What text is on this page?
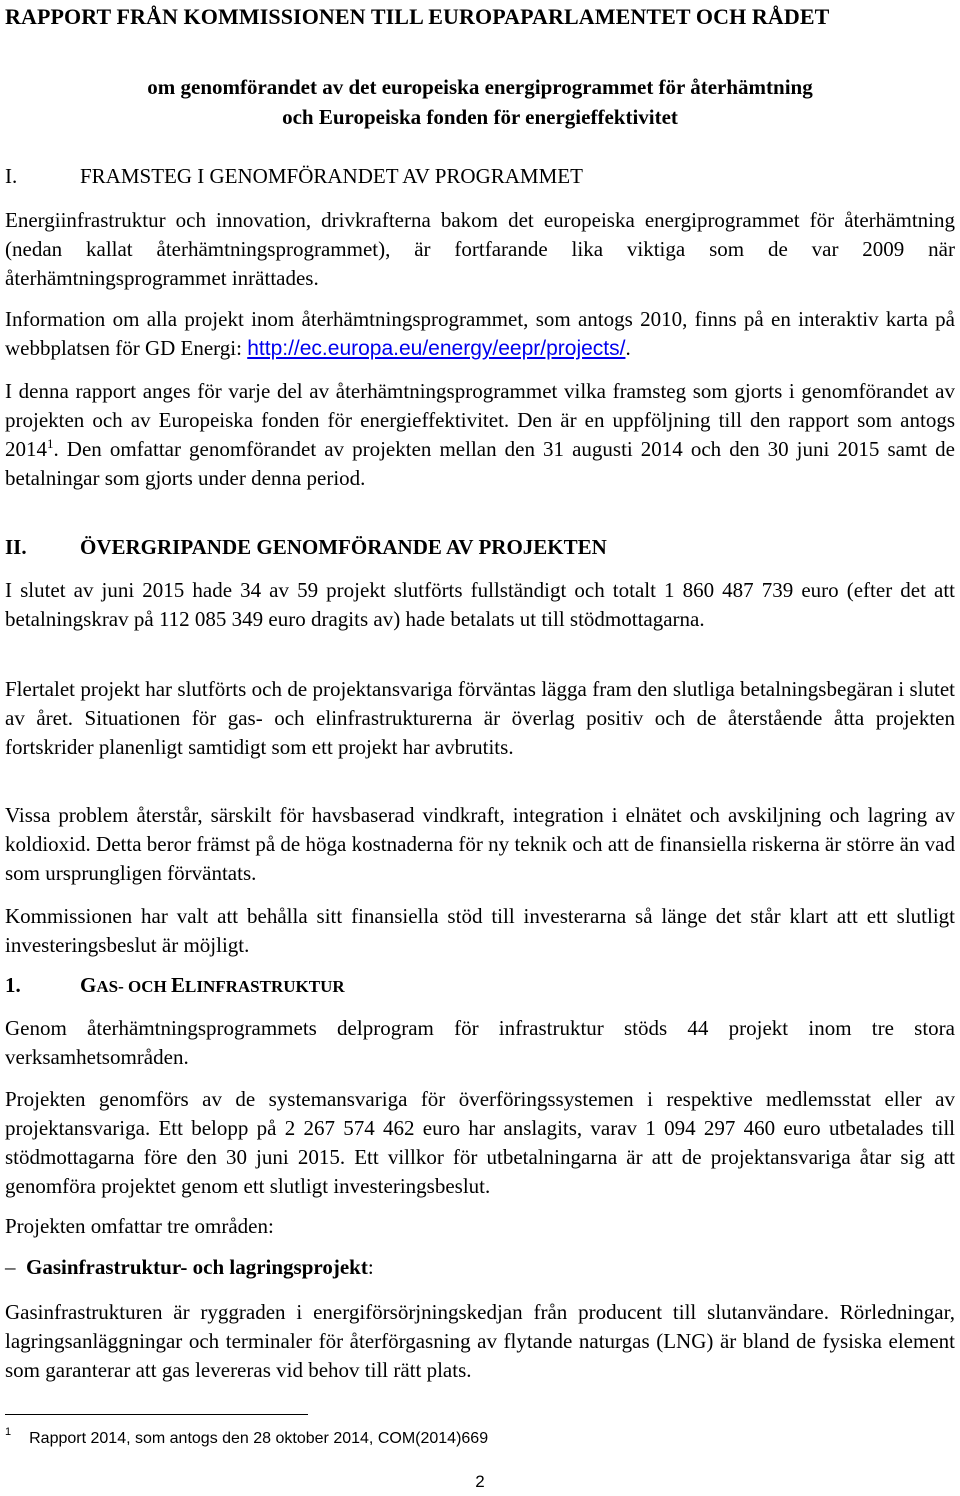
RAPPORT FRÅN KOMMISSIONEN TILL EUROPAPARLAMENTET OCH RÅDET
om genomförandet av det europeiska energiprogrammet för återhämtning
och Europeiska fonden för energieffektivitet
I.	FRAMSTEG I GENOMFÖRANDET AV PROGRAMMET

Energiinfrastruktur och innovation, drivkrafterna bakom det europeiska energiprogrammet för återhämtning (nedan kallat återhämtningsprogrammet), är fortfarande lika viktiga som de var 2009 när återhämtningsprogrammet inrättades.

Information om alla projekt inom återhämtningsprogrammet, som antogs 2010, finns på en interaktiv karta på webbplatsen för GD Energi: http://ec.europa.eu/energy/eepr/projects/.

I denna rapport anges för varje del av återhämtningsprogrammet vilka framsteg som gjorts i genomförandet av projekten och av Europeiska fonden för energieffektivitet. Den är en uppföljning till den rapport som antogs 2014$^1$. Den omfattar genomförandet av projekten mellan den 31 augusti 2014 och den 30 juni 2015 samt de betalningar som gjorts under denna period.

II.	ÖVERGRIPANDE GENOMFÖRANDE AV PROJEKTEN

I slutet av juni 2015 hade 34 av 59 projekt slutförts fullständigt och totalt 1 860 487 739 euro (efter det att betalningskrav på 112 085 349 euro dragits av) hade betalats ut till stödmottagarna.

Flertalet projekt har slutförts och de projektansvariga förväntas lägga fram den slutliga betalningsbegäran i slutet av året. Situationen för gas- och elinfrastrukturerna är överlag positiv och de återstående åtta projekten fortskrider planenligt samtidigt som ett projekt har avbrutits.

Vissa problem återstår, särskilt för havsbaserad vindkraft, integration i elnätet och avskiljning och lagring av koldioxid. Detta beror främst på de höga kostnaderna för ny teknik och att de finansiella riskerna är större än vad som ursprungligen förväntats.

Kommissionen har valt att behålla sitt finansiella stöd till investerarna så länge det står klart att ett slutligt investeringsbeslut är möjligt.

1.	GAS- OCH ELINFRASTRUKTUR

Genom återhämtningsprogrammets delprogram för infrastruktur stöds 44 projekt inom tre stora verksamhetsområden.

Projekten genomförs av de systemansvariga för överföringssystemen i respektive medlemsstat eller av projektansvariga. Ett belopp på 2 267 574 462 euro har anslagits, varav 1 094 297 460 euro utbetalades till stödmottagarna före den 30 juni 2015. Ett villkor för utbetalningarna är att de projektansvariga åtar sig att genomföra projektet genom ett slutligt investeringsbeslut.

Projekten omfattar tre områden:

– Gasinfrastruktur- och lagringsprojekt:

Gasinfrastrukturen är ryggraden i energiförsörjningskedjan från producent till slutanvändare. Rörledningar, lagringsanläggningar och terminaler för återförgasning av flytande naturgas (LNG) är bland de fysiska element som garanterar att gas levereras vid behov till rätt plats.

$^1$ Rapport 2014, som antogs den 28 oktober 2014, COM(2014)669
2
